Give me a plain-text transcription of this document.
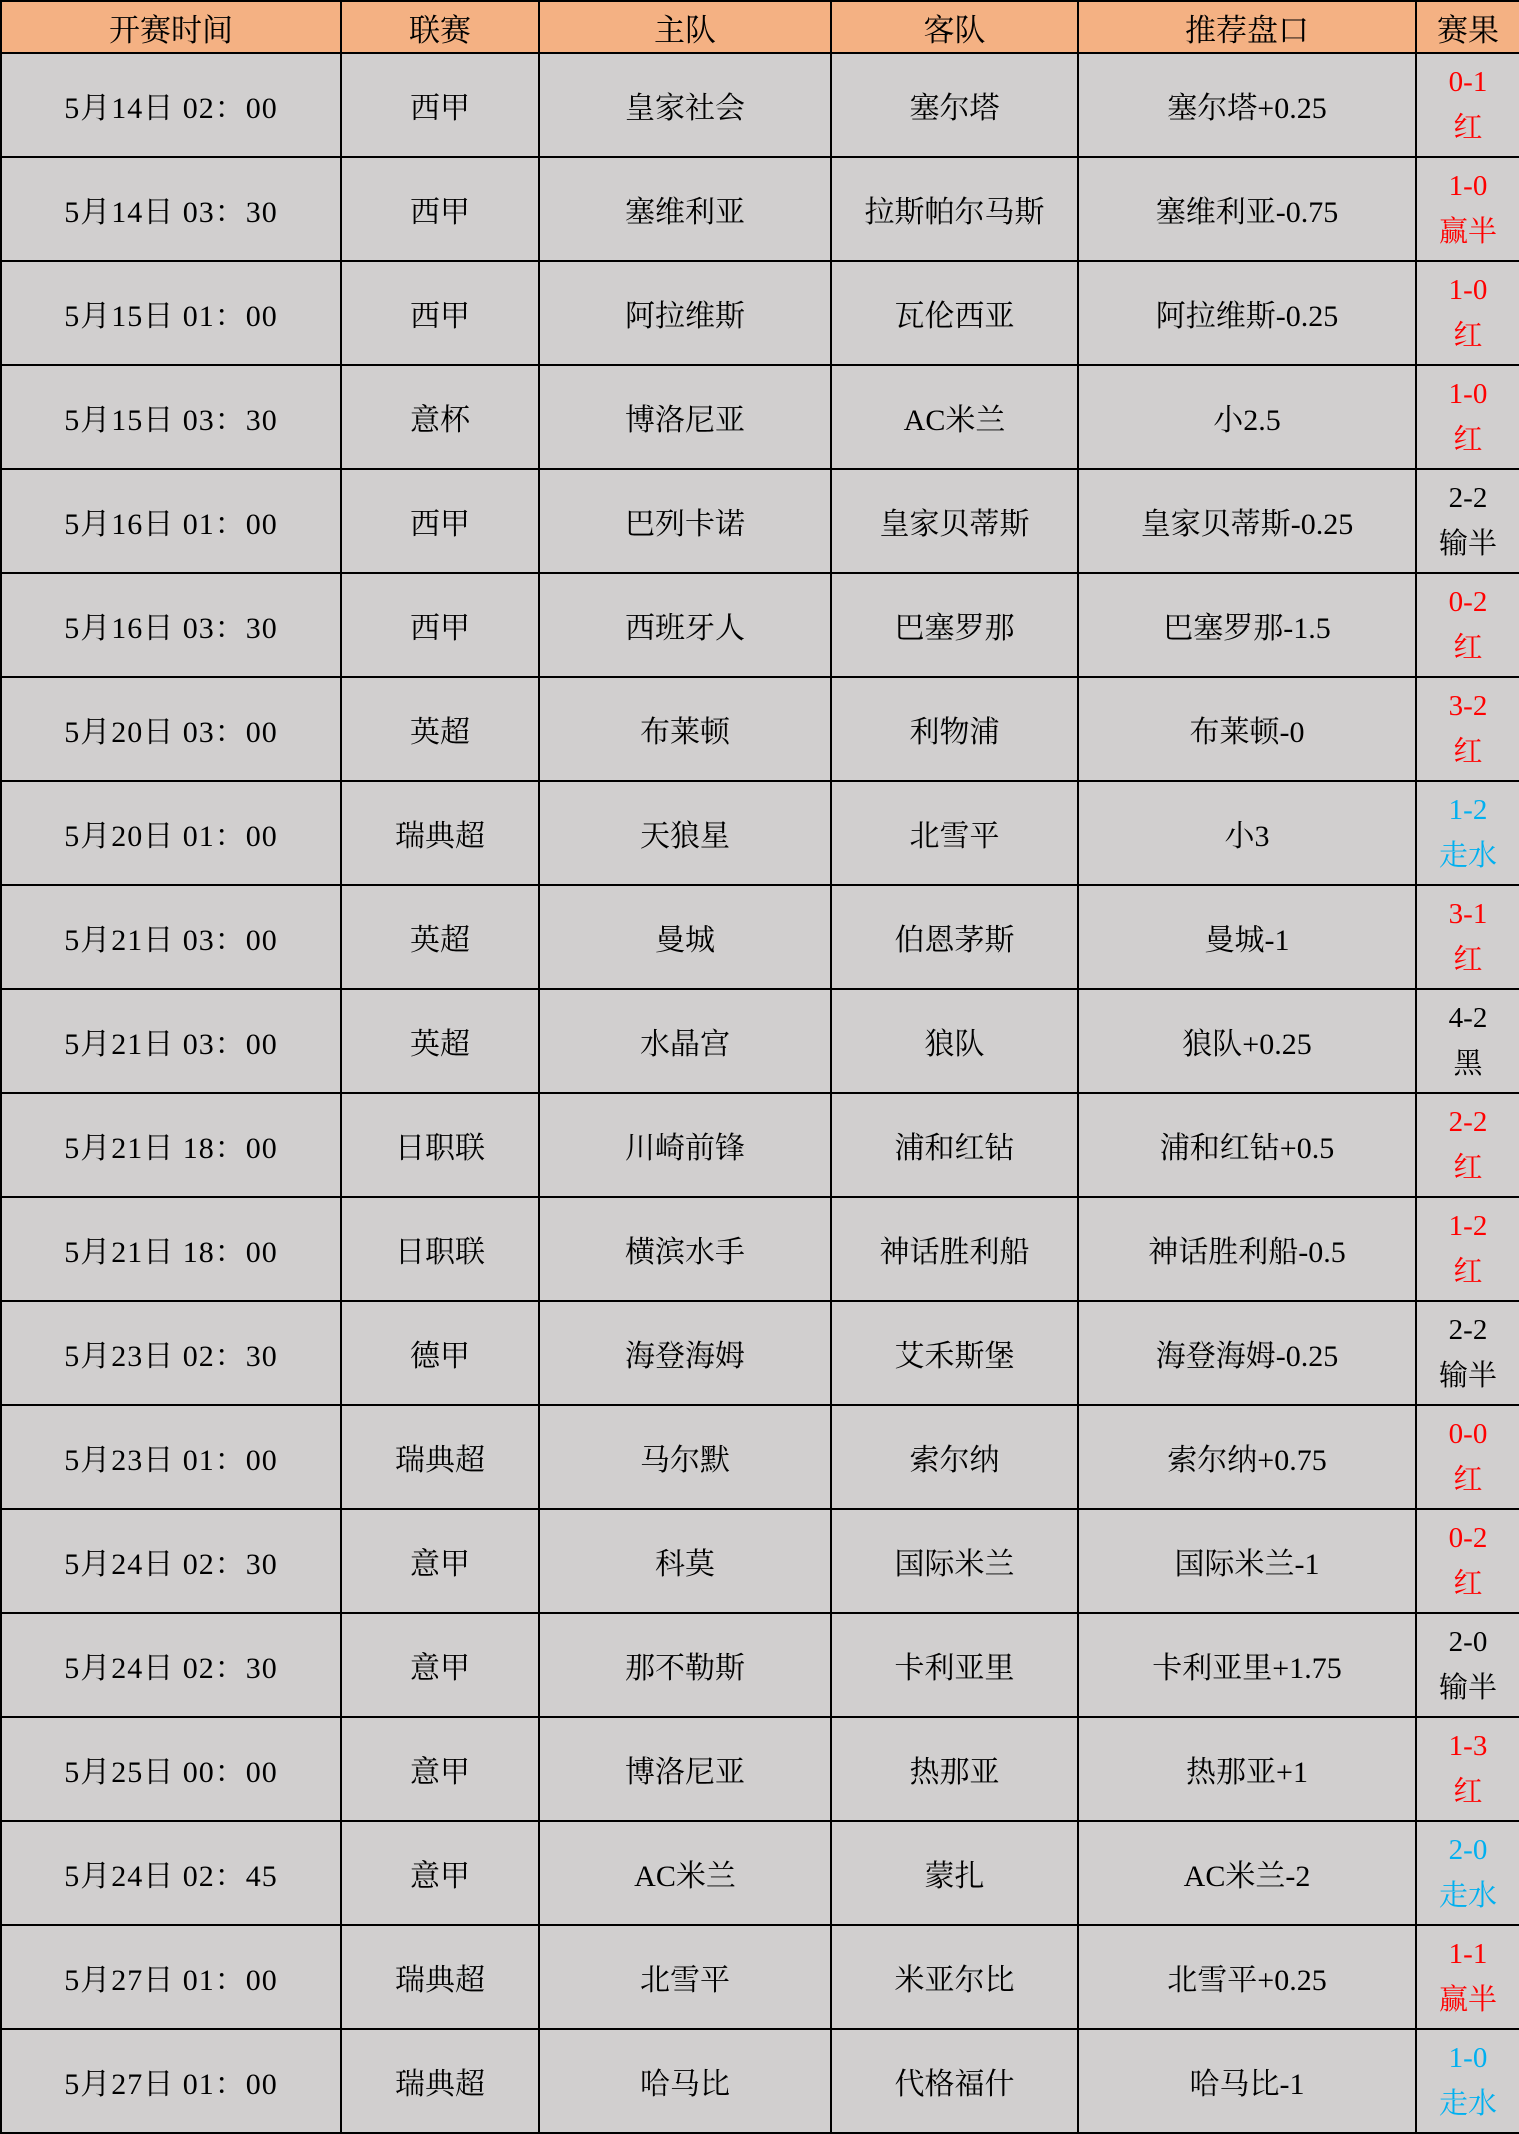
开赛时间	联赛	主队	客队	推荐盘口	赛果
5月14日 02：00	西甲	皇家社会	塞尔塔	塞尔塔+0.25	0-1
红

5月14日 03：30	西甲	塞维利亚	拉斯帕尔马斯	塞维利亚-0.75	1-0
赢半

5月15日 01：00	西甲	阿拉维斯	瓦伦西亚	阿拉维斯-0.25	1-0
红

5月15日 03：30	意杯	博洛尼亚	AC米兰	小2.5	1-0
红

5月16日 01：00	西甲	巴列卡诺	皇家贝蒂斯	皇家贝蒂斯-0.25	2-2
输半

5月16日 03：30	西甲	西班牙人	巴塞罗那	巴塞罗那-1.5	0-2
红

5月20日 03：00	英超	布莱顿	利物浦	布莱顿-0	3-2
红

5月20日 01：00	瑞典超	天狼星	北雪平	小3	1-2
走水

5月21日 03：00	英超	曼城	伯恩茅斯	曼城-1	3-1
红

5月21日 03：00	英超	水晶宫	狼队	狼队+0.25	4-2
黑

5月21日 18：00	日职联	川崎前锋	浦和红钻	浦和红钻+0.5	2-2
红

5月21日 18：00	日职联	横滨水手	神话胜利船	神话胜利船-0.5	1-2
红

5月23日 02：30	德甲	海登海姆	艾禾斯堡	海登海姆-0.25	2-2
输半

5月23日 01：00	瑞典超	马尔默	索尔纳	索尔纳+0.75	0-0
红

5月24日 02：30	意甲	科莫	国际米兰	国际米兰-1	0-2
红

5月24日 02：30	意甲	那不勒斯	卡利亚里	卡利亚里+1.75	2-0
输半

5月25日 00：00	意甲	博洛尼亚	热那亚	热那亚+1	1-3
红

5月24日 02：45	意甲	AC米兰	蒙扎	AC米兰-2	2-0
走水

5月27日 01：00	瑞典超	北雪平	米亚尔比	北雪平+0.25	1-1
赢半

5月27日 01：00	瑞典超	哈马比	代格福什	哈马比-1	1-0
走水
